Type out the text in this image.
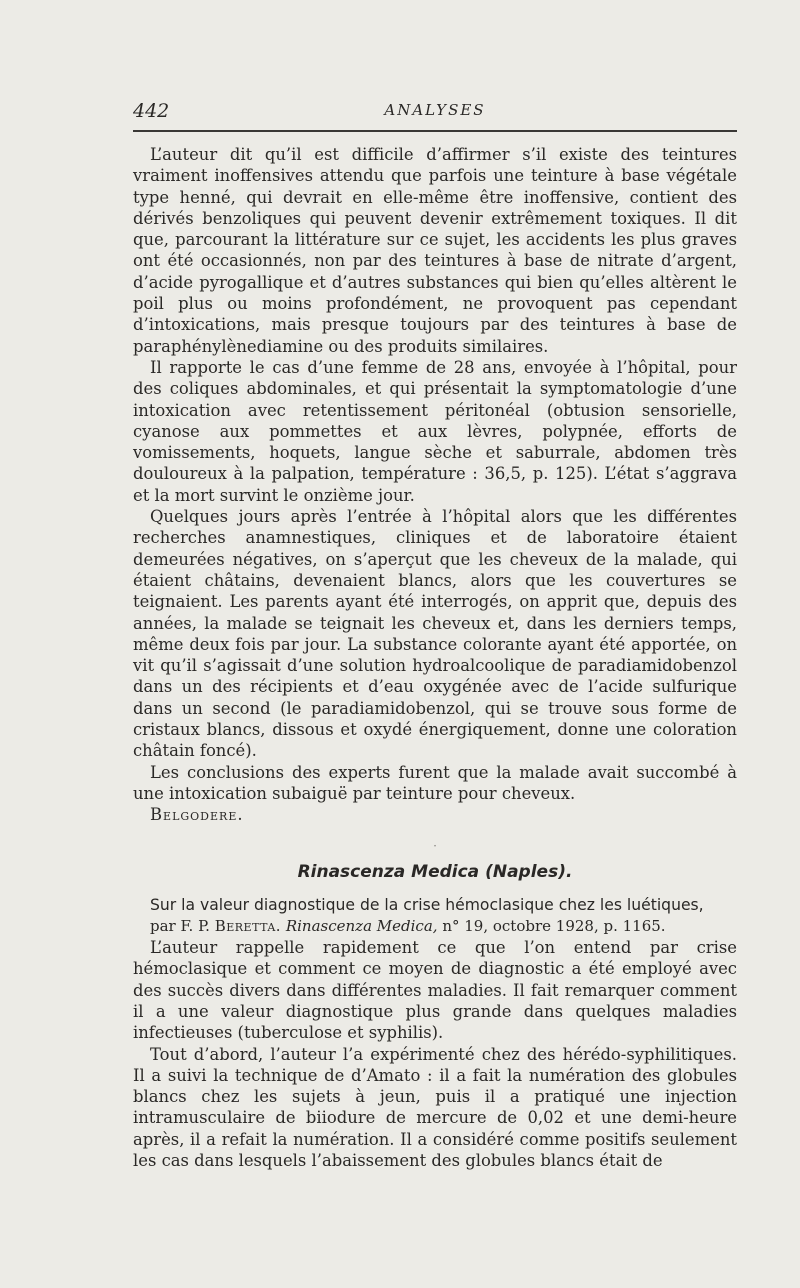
442	ANALYSES

L’auteur dit qu’il est difficile d’affirmer s’il existe des teintures vraiment inoffensives attendu que parfois une teinture à base végétale type henné, qui devrait en elle-même être inoffensive, contient des dérivés benzoliques qui peuvent devenir extrêmement toxiques. Il dit que, parcourant la littérature sur ce sujet, les accidents les plus graves ont été occasionnés, non par des teintures à base de nitrate d’argent, d’acide pyrogallique et d’autres substances qui bien qu’elles altèrent le poil plus ou moins profondément, ne provoquent pas cependant d’intoxications, mais presque toujours par des teintures à base de paraphénylènediamine ou des produits similaires.

Il rapporte le cas d’une femme de 28 ans, envoyée à l’hôpital, pour des coliques abdominales, et qui présentait la symptomatologie d’une intoxication avec retentissement péritonéal (obtusion sensorielle, cyanose aux pommettes et aux lèvres, polypnée, efforts de vomissements, hoquets, langue sèche et saburrale, abdomen très douloureux à la palpation, température : 36,5, p. 125). L’état s’aggrava et la mort survint le onzième jour.

Quelques jours après l’entrée à l’hôpital alors que les différentes recherches anamnestiques, cliniques et de laboratoire étaient demeurées négatives, on s’aperçut que les cheveux de la malade, qui étaient châtains, devenaient blancs, alors que les couvertures se teignaient. Les parents ayant été interrogés, on apprit que, depuis des années, la malade se teignait les cheveux et, dans les derniers temps, même deux fois par jour. La substance colorante ayant été apportée, on vit qu’il s’agissait d’une solution hydroalcoolique de paradiamidobenzol dans un des récipients et d’eau oxygénée avec de l’acide sulfurique dans un second (le paradiamidobenzol, qui se trouve sous forme de cristaux blancs, dissous et oxydé énergiquement, donne une coloration châtain foncé).

Les conclusions des experts furent que la malade avait succombé à une intoxication subaiguë par teinture pour cheveux.

Belgodere.

·
Rinascenza Medica (Naples).

Sur la valeur diagnostique de la crise hémoclasique chez les luétiques,

par F. P. Beretta. Rinascenza Medica, n° 19, octobre 1928, p. 1165.

L’auteur rappelle rapidement ce que l’on entend par crise hémoclasique et comment ce moyen de diagnostic a été employé avec des succès divers dans différentes maladies. Il fait remarquer comment il a une valeur diagnostique plus grande dans quelques maladies infectieuses (tuberculose et syphilis).

Tout d’abord, l’auteur l’a expérimenté chez des hérédo-syphilitiques. Il a suivi la technique de d’Amato : il a fait la numération des globules blancs chez les sujets à jeun, puis il a pratiqué une injection intramusculaire de biiodure de mercure de 0,02 et une demi-heure après, il a refait la numération. Il a considéré comme positifs seulement les cas dans lesquels l’abaissement des globules blancs était de
